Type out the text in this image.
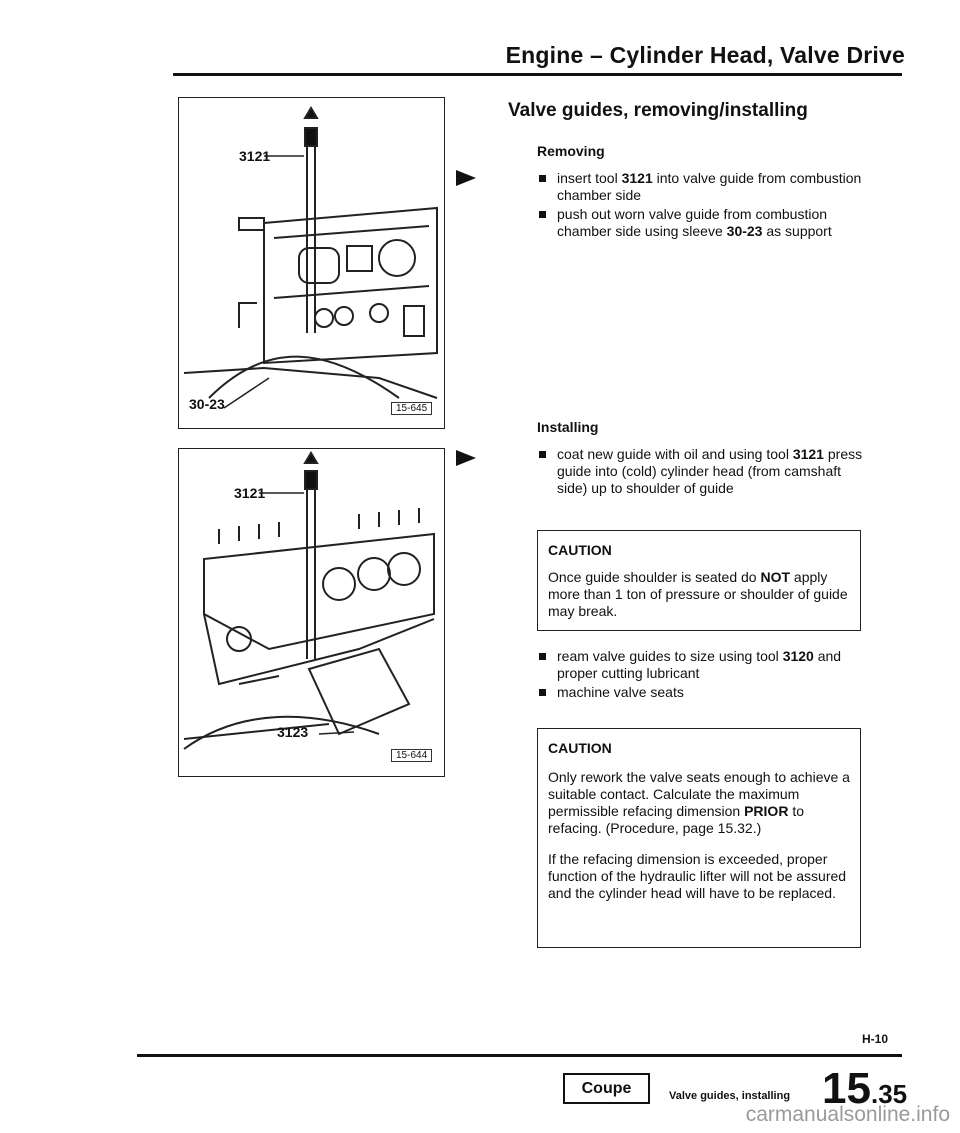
Engine – Cylinder Head, Valve Drive
3121
30-23	15-645
3121
3123
15-644
Valve guides, removing/installing
Removing
insert tool 3121 into valve guide from combustion chamber side
push out worn valve guide from combustion chamber side using sleeve 30-23 as support
Installing
coat new guide with oil and using tool 3121 press guide into (cold) cylinder head (from camshaft side) up to shoulder of guide
CAUTION
Once guide shoulder is seated do NOT apply more than 1 ton of pressure or shoulder of guide may break.
ream valve guides to size using tool 3120 and proper cutting lubricant
machine valve seats
CAUTION

Only rework the valve seats enough to achieve a suitable contact. Calculate the maximum permissible refacing dimension PRIOR to refacing. (Procedure, page 15.32.)

If the refacing dimension is exceeded, proper function of the hydraulic lifter will not be assured and the cylinder head will have to be replaced.

H-10
Coupe	Valve guides, installing 15.35
carmanualsonline.info
